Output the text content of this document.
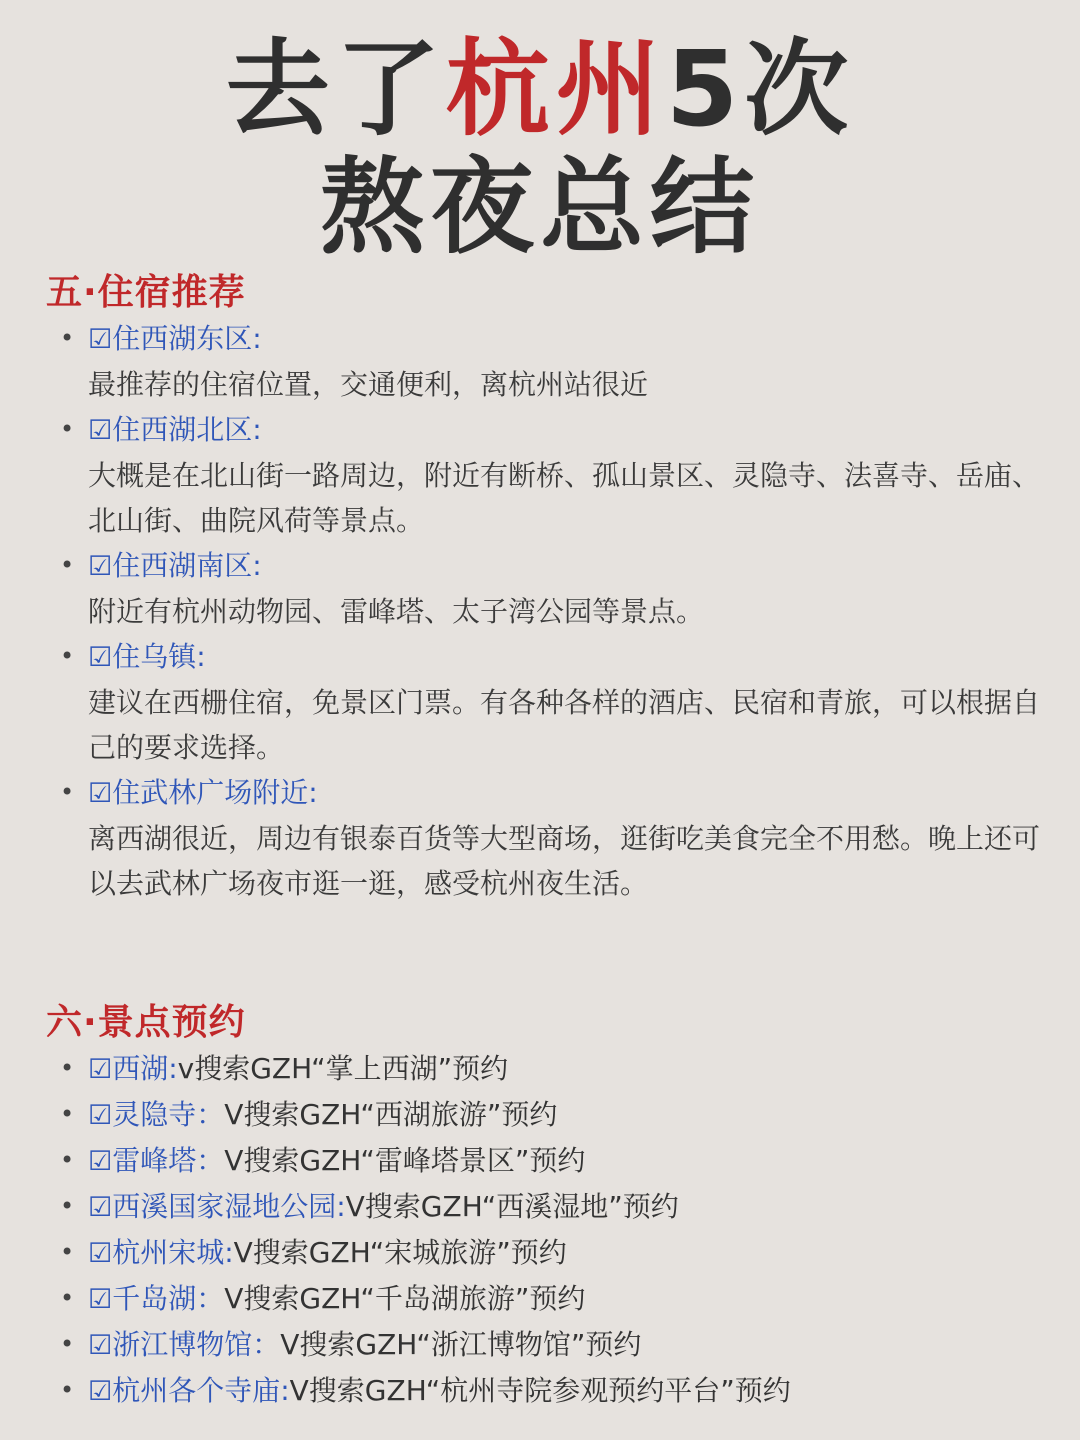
去了杭州5次
熬夜总结
五·住宿推荐
• ☑住西湖东区:
最推荐的住宿位置，交通便利，离杭州站很近
• ☑住西湖北区:
大概是在北山街一路周边，附近有断桥、孤山景区、灵隐寺、法喜寺、岳庙、北山街、曲院风荷等景点。
• ☑住西湖南区:
附近有杭州动物园、雷峰塔、太子湾公园等景点。
• ☑住乌镇:
建议在西栅住宿，免景区门票。有各种各样的酒店、民宿和青旅，可以根据自己的要求选择。
• ☑住武林广场附近:
离西湖很近，周边有银泰百货等大型商场，逛街吃美食完全不用愁。晚上还可以去武林广场夜市逛一逛，感受杭州夜生活。
六·景点预约
• ☑西湖:v搜索GZH“掌上西湖”预约
• ☑灵隐寺：V搜索GZH“西湖旅游”预约
• ☑雷峰塔：V搜索GZH“雷峰塔景区”预约
• ☑西溪国家湿地公园:V搜索GZH“西溪湿地”预约
• ☑杭州宋城:V搜索GZH“宋城旅游”预约
• ☑千岛湖：V搜索GZH“千岛湖旅游”预约
• ☑浙江博物馆：V搜索GZH“浙江博物馆”预约
• ☑杭州各个寺庙:V搜索GZH“杭州寺院参观预约平台”预约
